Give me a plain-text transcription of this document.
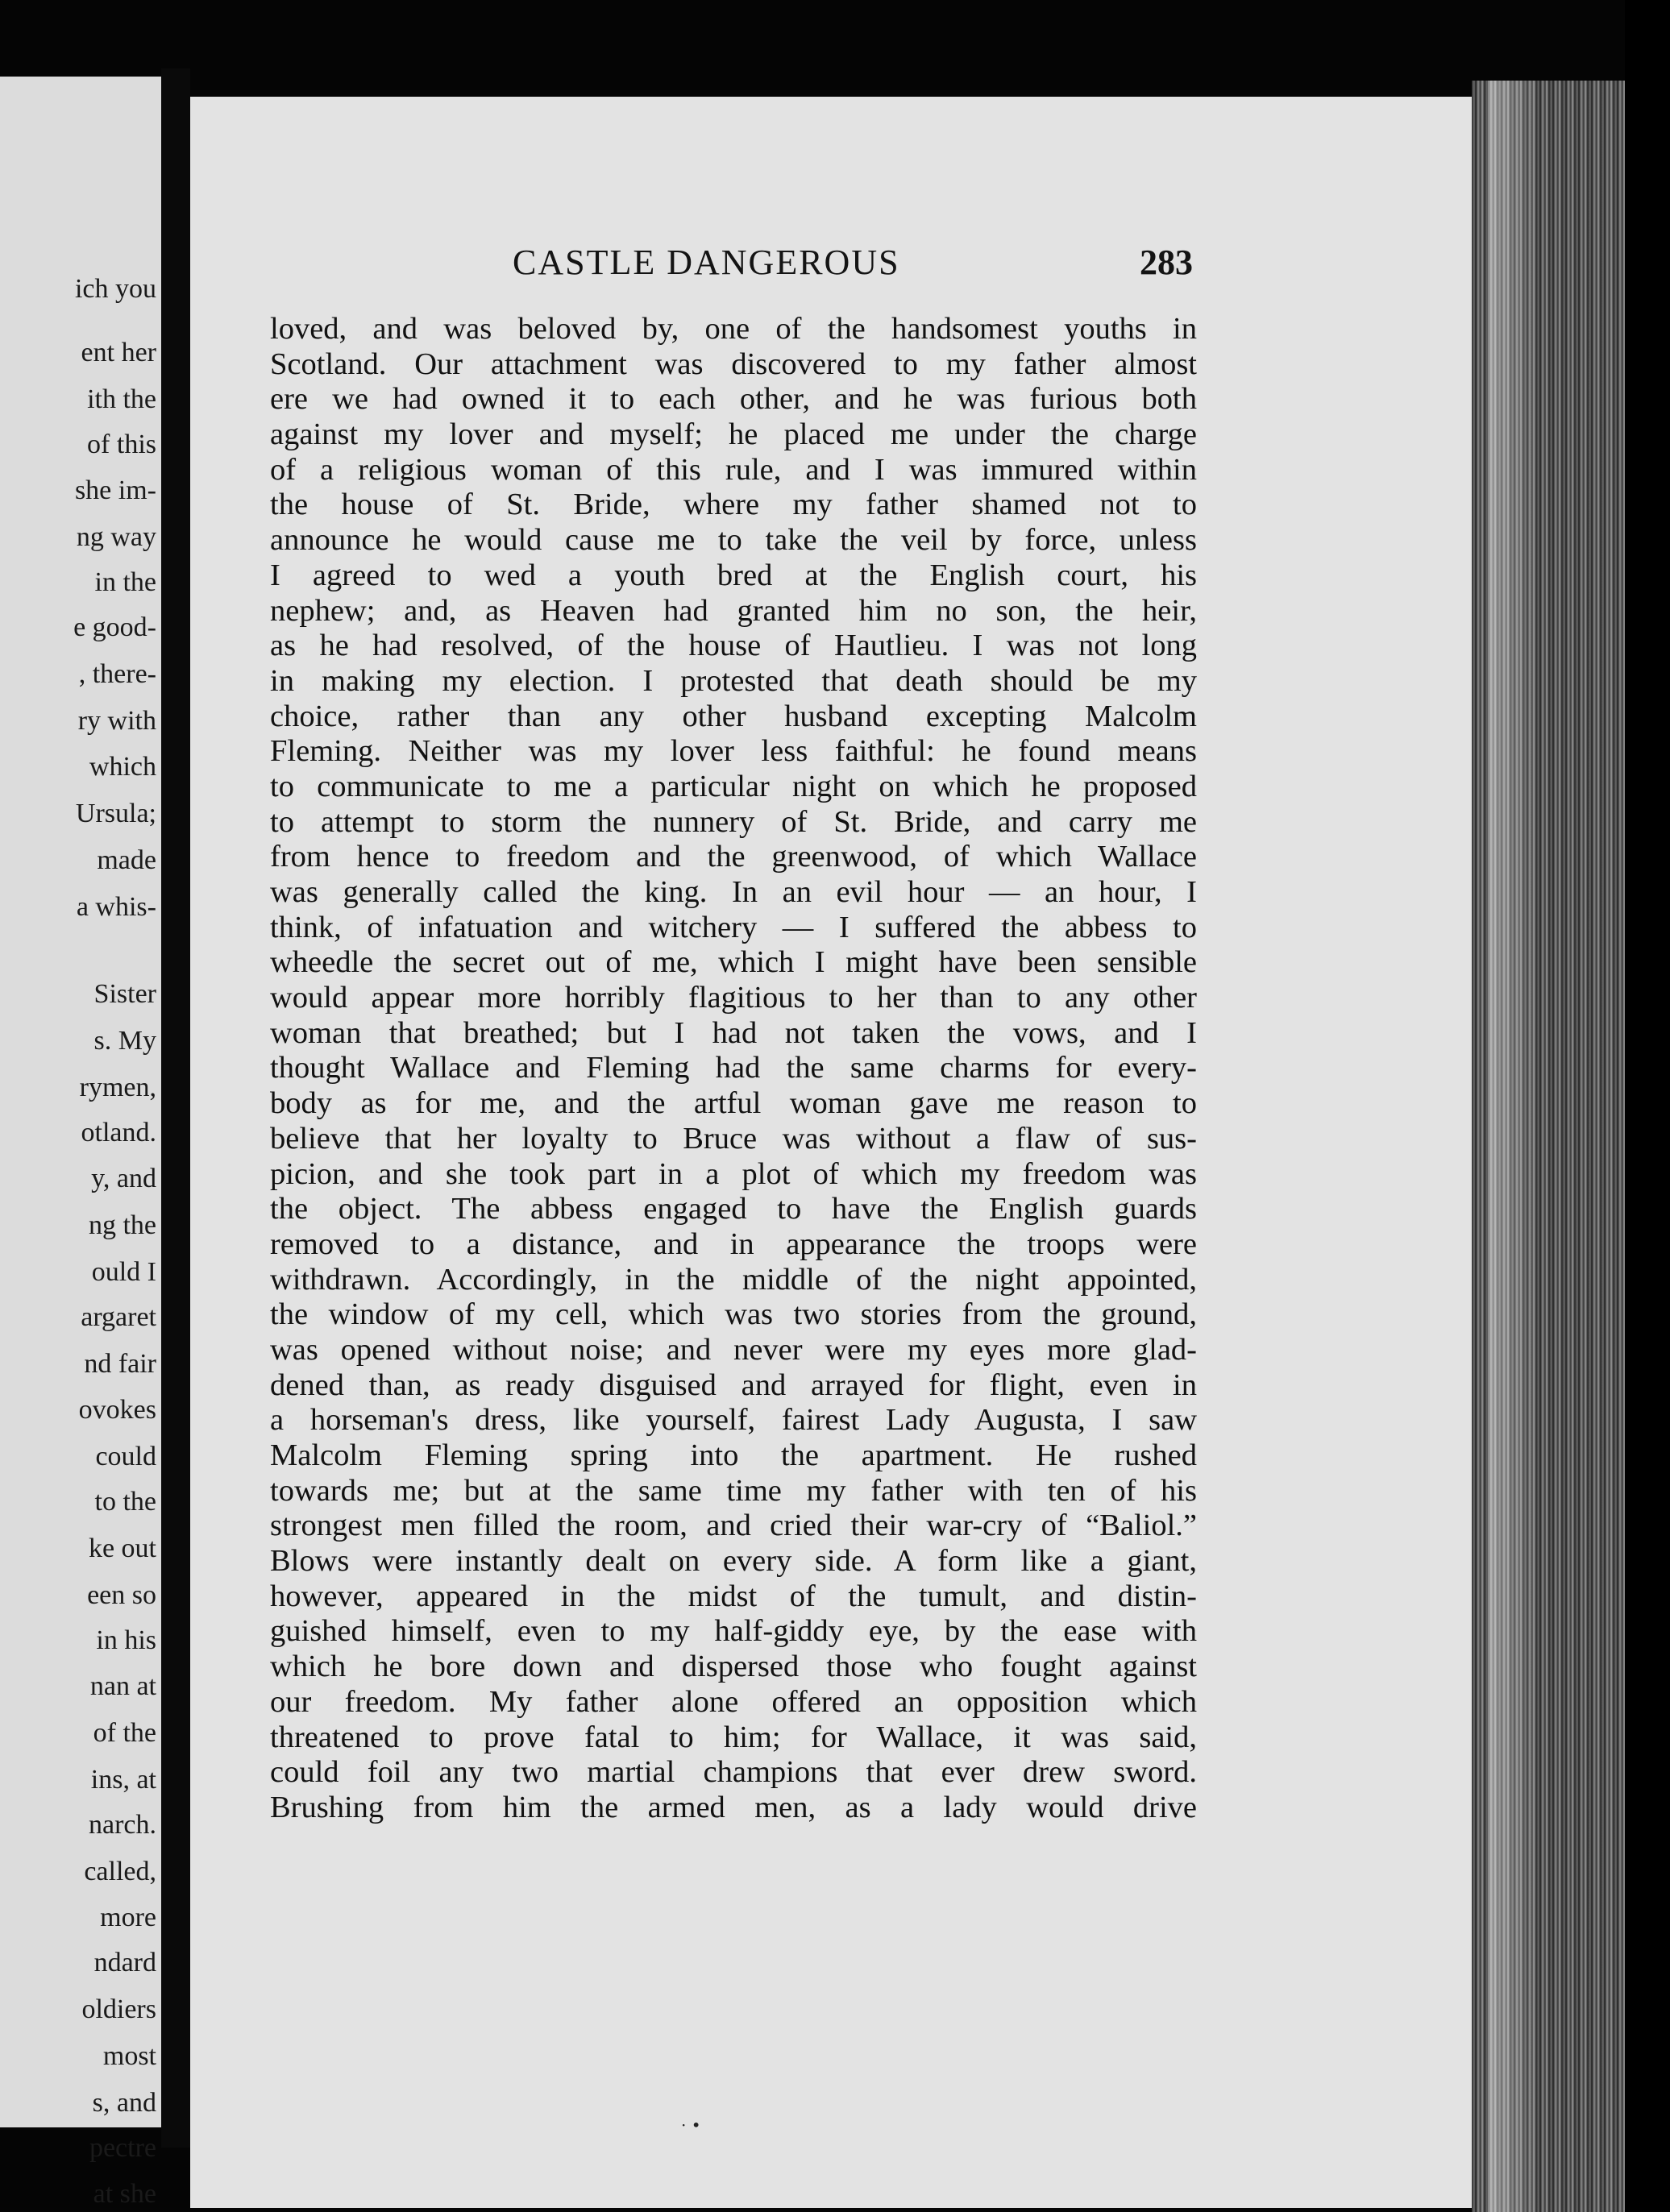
ich you
ent her
ith the
of this
she im-
ng way
in the
e good-
, there-
ry with
which
Ursula;
made
a whis-
Sister
s. My
rymen,
otland.
y, and
ng the
ould I
argaret
nd fair
ovokes
could
to the
ke out
een so
in his
nan at
of the
ins, at
narch.
called,
more
ndard
oldiers
most
s, and
pectre
at she
CASTLE DANGEROUS	283
loved, and was beloved by, one of the handsomest youths in
Scotland. Our attachment was discovered to my father almost
ere we had owned it to each other, and he was furious both
against my lover and myself; he placed me under the charge
of a religious woman of this rule, and I was immured within
the house of St. Bride, where my father shamed not to
announce he would cause me to take the veil by force, unless
I agreed to wed a youth bred at the English court, his
nephew; and, as Heaven had granted him no son, the heir,
as he had resolved, of the house of Hautlieu. I was not long
in making my election. I protested that death should be my
choice, rather than any other husband excepting Malcolm
Fleming. Neither was my lover less faithful: he found means
to communicate to me a particular night on which he proposed
to attempt to storm the nunnery of St. Bride, and carry me
from hence to freedom and the greenwood, of which Wallace
was generally called the king. In an evil hour — an hour, I
think, of infatuation and witchery — I suffered the abbess to
wheedle the secret out of me, which I might have been sensible
would appear more horribly flagitious to her than to any other
woman that breathed; but I had not taken the vows, and I
thought Wallace and Fleming had the same charms for every-
body as for me, and the artful woman gave me reason to
believe that her loyalty to Bruce was without a flaw of sus-
picion, and she took part in a plot of which my freedom was
the object. The abbess engaged to have the English guards
removed to a distance, and in appearance the troops were
withdrawn. Accordingly, in the middle of the night appointed,
the window of my cell, which was two stories from the ground,
was opened without noise; and never were my eyes more glad-
dened than, as ready disguised and arrayed for flight, even in
a horseman's dress, like yourself, fairest Lady Augusta, I saw
Malcolm Fleming spring into the apartment. He rushed
towards me; but at the same time my father with ten of his
strongest men filled the room, and cried their war-cry of “Baliol.”
Blows were instantly dealt on every side. A form like a giant,
however, appeared in the midst of the tumult, and distin-
guished himself, even to my half-giddy eye, by the ease with
which he bore down and dispersed those who fought against
our freedom. My father alone offered an opposition which
threatened to prove fatal to him; for Wallace, it was said,
could foil any two martial champions that ever drew sword.
Brushing from him the armed men, as a lady would drive
· •
